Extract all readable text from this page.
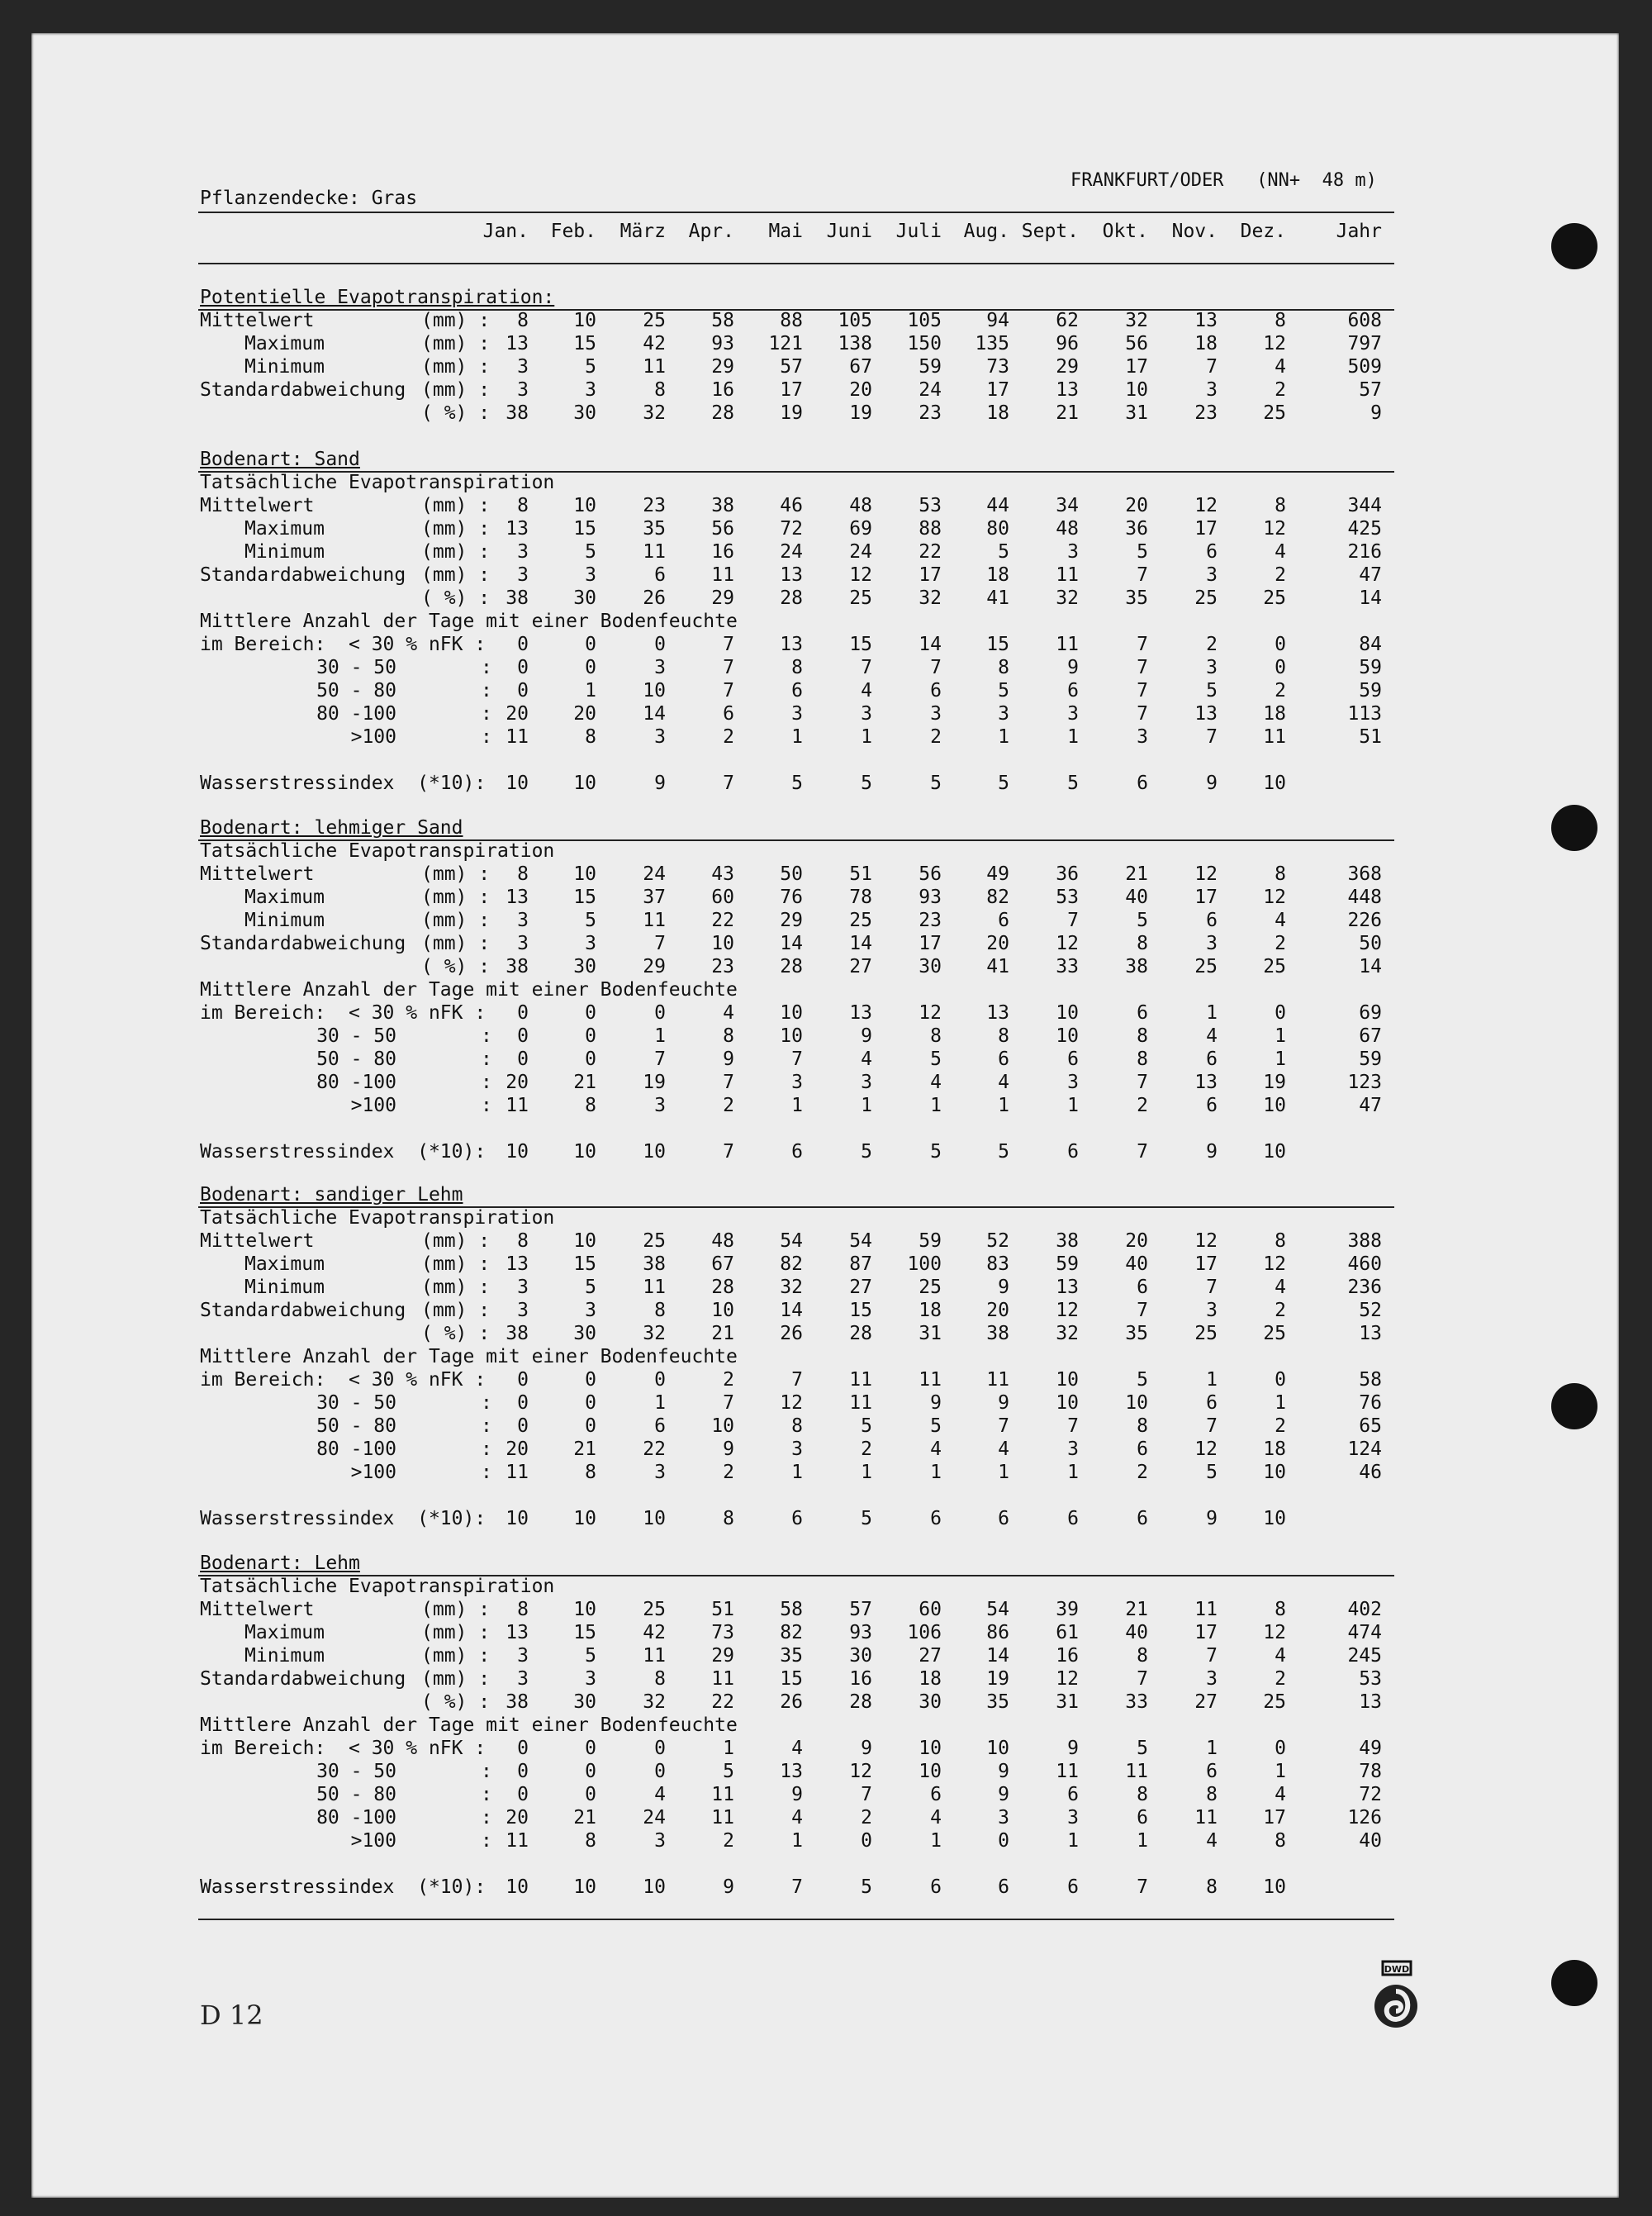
FRANKFURT/ODER (NN+  48 m)
Pflanzendecke: Gras
Jan.	Feb.	März	Apr.	Mai	Juni	Juli	Aug. Sept.	Okt.	Nov.	Dez.	Jahr
Potentielle Evapotranspiration:
Mittelwert	(mm) :	8	10	25	58	88	105	105	94	62	32	13	8	608
Maximum	(mm) : 13	15	42	93	121	138	150	135	96	56	18	12	797
Minimum	(mm) :	3	5	11	29	57	67	59	73	29	17	7	4	509
Standardabweichung (mm) :	3	3	8	16	17	20	24	17	13	10	3	2	57
( %) : 38	30	32	28	19	19	23	18	21	31	23	25	9
Bodenart: Sand
Tatsächliche Evapotranspiration
Mittelwert	(mm) :	8	10	23	38	46	48	53	44	34	20	12	8	344
Maximum	(mm) : 13	15	35	56	72	69	88	80	48	36	17	12	425
Minimum	(mm) :	3	5	11	16	24	24	22	5	3	5	6	4	216
Standardabweichung (mm) :	3	3	6	11	13	12	17	18	11	7	3	2	47
( %) : 38	30	26	29	28	25	32	41	32	35	25	25	14
Mittlere Anzahl der Tage mit einer Bodenfeuchte
im Bereich:  < 30 % nFK :	0	0	0	7	13	15	14	15	11	7	2	0	84
30 - 50	:	0	0	3	7	8	7	7	8	9	7	3	0	59
50 - 80	:	0	1	10	7	6	4	6	5	6	7	5	2	59
80 -100	: 20	20	14	6	3	3	3	3	3	7	13	18	113
>100	: 11	8	3	2	1	1	2	1	1	3	7	11	51
Wasserstressindex  (*10):	10	10	9	7	5	5	5	5	5	6	9	10
Bodenart: lehmiger Sand
Tatsächliche Evapotranspiration
Mittelwert	(mm) :	8	10	24	43	50	51	56	49	36	21	12	8	368
Maximum	(mm) : 13	15	37	60	76	78	93	82	53	40	17	12	448
Minimum	(mm) :	3	5	11	22	29	25	23	6	7	5	6	4	226
Standardabweichung (mm) :	3	3	7	10	14	14	17	20	12	8	3	2	50
( %) : 38	30	29	23	28	27	30	41	33	38	25	25	14
Mittlere Anzahl der Tage mit einer Bodenfeuchte
im Bereich:  < 30 % nFK :	0	0	0	4	10	13	12	13	10	6	1	0	69
30 - 50	:	0	0	1	8	10	9	8	8	10	8	4	1	67
50 - 80	:	0	0	7	9	7	4	5	6	6	8	6	1	59
80 -100	: 20	21	19	7	3	3	4	4	3	7	13	19	123
>100	: 11	8	3	2	1	1	1	1	1	2	6	10	47
Wasserstressindex  (*10):	10	10	10	7	6	5	5	5	6	7	9	10
Bodenart: sandiger Lehm
Tatsächliche Evapotranspiration
Mittelwert	(mm) :	8	10	25	48	54	54	59	52	38	20	12	8	388
Maximum	(mm) : 13	15	38	67	82	87	100	83	59	40	17	12	460
Minimum	(mm) :	3	5	11	28	32	27	25	9	13	6	7	4	236
Standardabweichung (mm) :	3	3	8	10	14	15	18	20	12	7	3	2	52
( %) : 38	30	32	21	26	28	31	38	32	35	25	25	13
Mittlere Anzahl der Tage mit einer Bodenfeuchte
im Bereich:  < 30 % nFK :	0	0	0	2	7	11	11	11	10	5	1	0	58
30 - 50	:	0	0	1	7	12	11	9	9	10	10	6	1	76
50 - 80	:	0	0	6	10	8	5	5	7	7	8	7	2	65
80 -100	: 20	21	22	9	3	2	4	4	3	6	12	18	124
>100	: 11	8	3	2	1	1	1	1	1	2	5	10	46
Wasserstressindex  (*10):	10	10	10	8	6	5	6	6	6	6	9	10
Bodenart: Lehm
Tatsächliche Evapotranspiration
Mittelwert	(mm) :	8	10	25	51	58	57	60	54	39	21	11	8	402
Maximum	(mm) : 13	15	42	73	82	93	106	86	61	40	17	12	474
Minimum	(mm) :	3	5	11	29	35	30	27	14	16	8	7	4	245
Standardabweichung (mm) :	3	3	8	11	15	16	18	19	12	7	3	2	53
( %) : 38	30	32	22	26	28	30	35	31	33	27	25	13
Mittlere Anzahl der Tage mit einer Bodenfeuchte
im Bereich:  < 30 % nFK :	0	0	0	1	4	9	10	10	9	5	1	0	49
30 - 50	:	0	0	0	5	13	12	10	9	11	11	6	1	78
50 - 80	:	0	0	4	11	9	7	6	9	6	8	8	4	72
80 -100	: 20	21	24	11	4	2	4	3	3	6	11	17	126
>100	: 11	8	3	2	1	0	1	0	1	1	4	8	40
Wasserstressindex  (*10):	10	10	10	9	7	5	6	6	6	7	8	10
D 12
DWD
